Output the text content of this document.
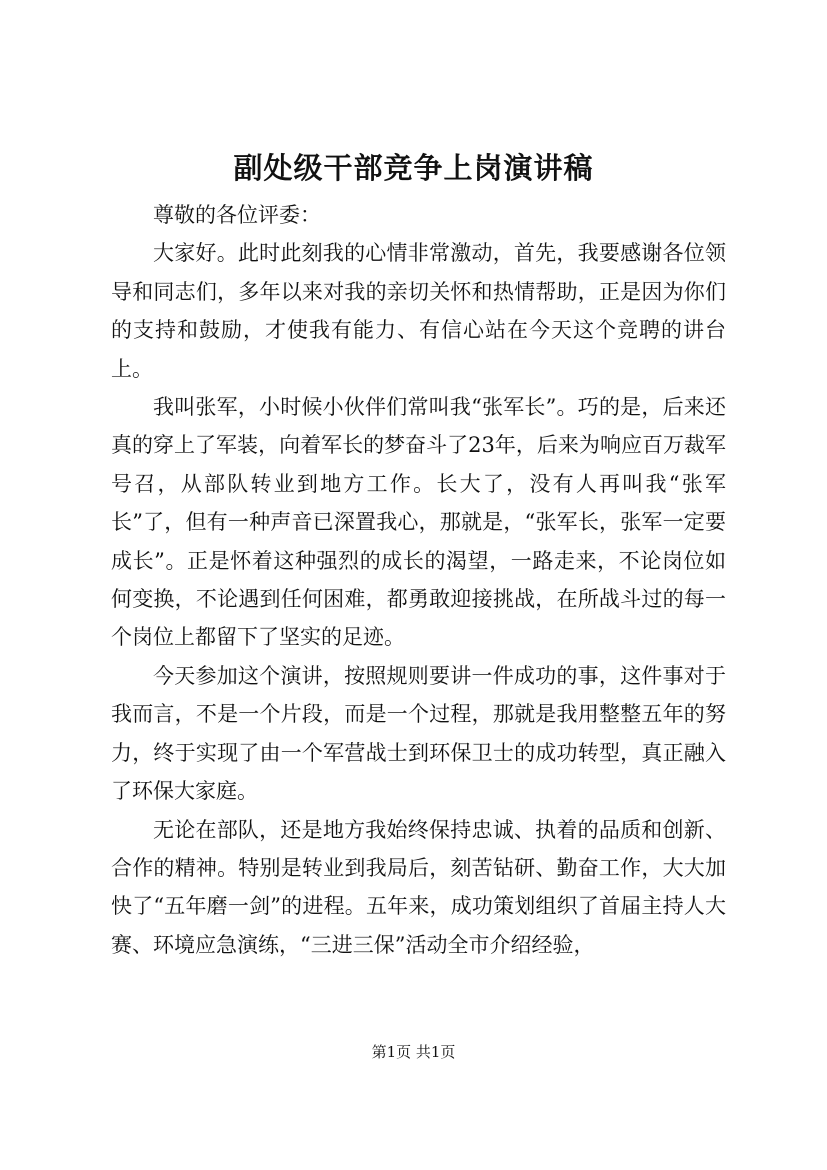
副处级干部竞争上岗演讲稿

尊敬的各位评委：

大家好。此时此刻我的心情非常激动，首先，我要感谢各位领导和同志们，多年以来对我的亲切关怀和热情帮助，正是因为你们的支持和鼓励，才使我有能力、有信心站在今天这个竞聘的讲台上。

我叫张军，小时候小伙伴们常叫我“张军长”。巧的是，后来还真的穿上了军装，向着军长的梦奋斗了23年，后来为响应百万裁军号召，从部队转业到地方工作。长大了，没有人再叫我“张军长”了，但有一种声音已深置我心，那就是，“张军长，张军一定要成长”。正是怀着这种强烈的成长的渴望，一路走来，不论岗位如何变换，不论遇到任何困难，都勇敢迎接挑战，在所战斗过的每一个岗位上都留下了坚实的足迹。

今天参加这个演讲，按照规则要讲一件成功的事，这件事对于我而言，不是一个片段，而是一个过程，那就是我用整整五年的努力，终于实现了由一个军营战士到环保卫士的成功转型，真正融入了环保大家庭。

无论在部队，还是地方我始终保持忠诚、执着的品质和创新、合作的精神。特别是转业到我局后，刻苦钻研、勤奋工作，大大加快了“五年磨一剑”的进程。五年来，成功策划组织了首届主持人大赛、环境应急演练，“三进三保”活动全市介绍经验，

第1页 共1页
